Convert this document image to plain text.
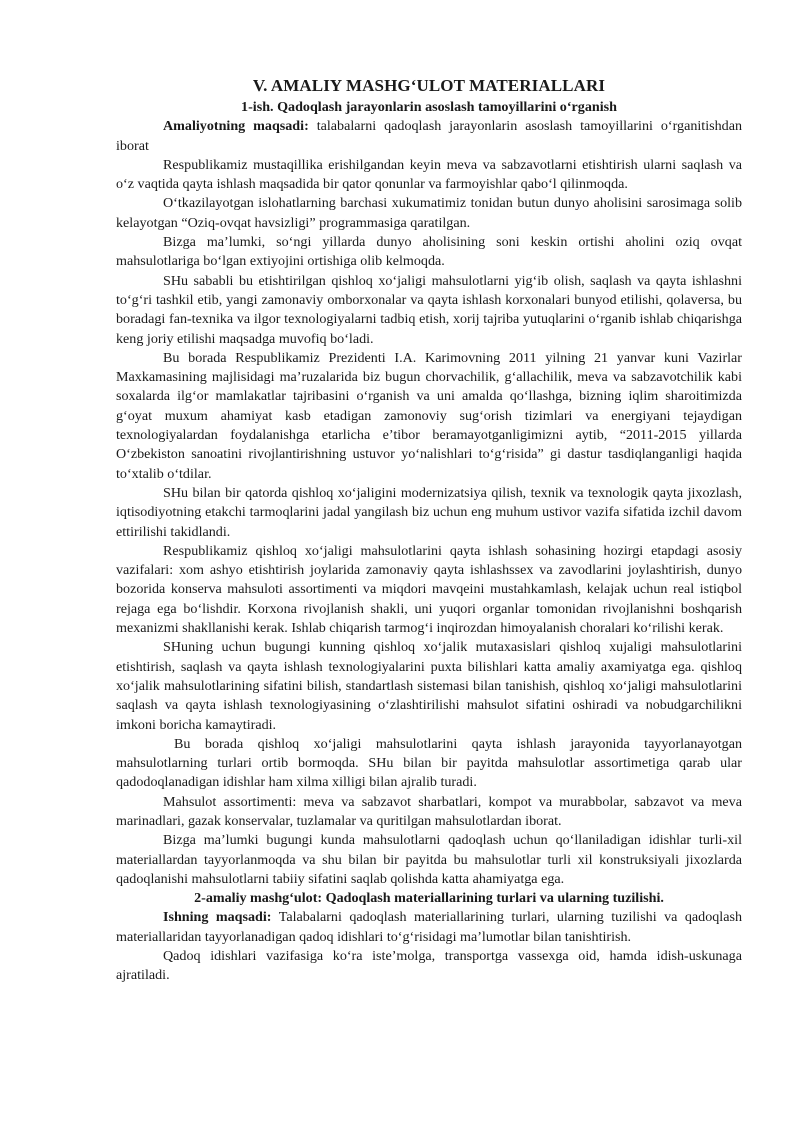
V. AMALIY MASHG‘ULOT MATERIALLARI
1-ish. Qadoqlash jarayonlarin asoslash tamoyillarini o‘rganish

Amaliyotning maqsadi: talabalarni qadoqlash jarayonlarin asoslash tamoyillarini o‘rganitishdan iborat

Respublikamiz mustaqillika erishilgandan keyin meva va sabzavotlarni etishtirish ularni saqlash va o‘z vaqtida qayta ishlash maqsadida bir qator qonunlar va farmoyishlar qabo‘l qilinmoqda.

O‘tkazilayotgan islohatlarning barchasi xukumatimiz tonidan butun dunyo aholisini sarosimaga solib kelayotgan “Oziq-ovqat havsizligi” programmasiga qaratilgan.

Bizga ma’lumki, so‘ngi yillarda dunyo aholisining soni keskin ortishi aholini oziq ovqat mahsulotlariga bo‘lgan extiyojini ortishiga olib kelmoqda.

SHu sababli bu etishtirilgan qishloq xo‘jaligi mahsulotlarni yig‘ib olish, saqlash va qayta ishlashni to‘g‘ri tashkil etib, yangi zamonaviy omborxonalar va qayta ishlash korxonalari bunyod etilishi, qolaversa, bu boradagi fan-texnika va ilgor texnologiyalarni tadbiq etish, xorij tajriba yutuqlarini o‘rganib ishlab chiqarishga keng joriy etilishi maqsadga muvofiq bo‘ladi.

Bu borada Respublikamiz Prezidenti I.A. Karimovning 2011 yilning 21 yanvar kuni Vazirlar Maxkamasining majlisidagi ma’ruzalarida biz bugun chorvachilik, g‘allachilik, meva va sabzavotchilik kabi soxalarda ilg‘or mamlakatlar tajribasini o‘rganish va uni amalda qo‘llashga, bizning iqlim sharoitimizda g‘oyat muxum ahamiyat kasb etadigan zamonoviy sug‘orish tizimlari va energiyani tejaydigan texnologiyalardan foydalanishga etarlicha e’tibor beramayotganligimizni aytib, “2011-2015 yillarda O‘zbekiston sanoatini rivojlantirishning ustuvor yo‘nalishlari to‘g‘risida” gi dastur tasdiqlanganligi haqida to‘xtalib o‘tdilar.

SHu bilan bir qatorda qishloq xo‘jaligini modernizatsiya qilish, texnik va texnologik qayta jixozlash, iqtisodiyotning etakchi tarmoqlarini jadal yangilash biz uchun eng muhum ustivor vazifa sifatida izchil davom ettirilishi takidlandi.

Respublikamiz qishloq xo‘jaligi mahsulotlarini qayta ishlash sohasining hozirgi etapdagi asosiy vazifalari: xom ashyo etishtirish joylarida zamonaviy qayta ishlashssex va zavodlarini joylashtirish, dunyo bozorida konserva mahsuloti assortimenti va miqdori mavqeini mustahkamlash, kelajak uchun real istiqbol rejaga ega bo‘lishdir. Korxona rivojlanish shakli, uni yuqori organlar tomonidan rivojlanishni boshqarish mexanizmi shakllanishi kerak. Ishlab chiqarish tarmog‘i inqirozdan himoyalanish choralari ko‘rilishi kerak.

SHuning uchun bugungi kunning qishloq xo‘jalik mutaxasislari qishloq xujaligi mahsulotlarini etishtirish, saqlash va qayta ishlash texnologiyalarini puxta bilishlari katta amaliy axamiyatga ega. qishloq xo‘jalik mahsulotlarining sifatini bilish, standartlash sistemasi bilan tanishish, qishloq xo‘jaligi mahsulotlarini saqlash va qayta ishlash texnologiyasining o‘zlashtirilishi mahsulot sifatini oshiradi va nobudgarchilikni imkoni boricha kamaytiradi.

Bu borada qishloq xo‘jaligi mahsulotlarini qayta ishlash jarayonida tayyorlanayotgan mahsulotlarning turlari ortib bormoqda. SHu bilan bir payitda mahsulotlar assortimetiga qarab ular qadodoqlanadigan idishlar ham xilma xilligi bilan ajralib turadi.

Mahsulot assortimenti: meva va sabzavot sharbatlari, kompot va murabbolar, sabzavot va meva marinadlari, gazak konservalar, tuzlamalar va quritilgan mahsulotlardan iborat.

Bizga ma’lumki bugungi kunda mahsulotlarni qadoqlash uchun qo‘llaniladigan idishlar turli-xil materiallardan tayyorlanmoqda va shu bilan bir payitda bu mahsulotlar turli xil konstruksiyali jixozlarda qadoqlanishi mahsulotlarni tabiiy sifatini saqlab qolishda katta ahamiyatga ega.

2-amaliy mashg‘ulot: Qadoqlash materiallarining turlari va ularning tuzilishi.

Ishning maqsadi: Talabalarni qadoqlash materiallarining turlari, ularning tuzilishi va qadoqlash materiallaridan tayyorlanadigan qadoq idishlari to‘g‘risidagi ma’lumotlar bilan tanishtirish.

Qadoq idishlari vazifasiga ko‘ra iste’molga, transportga vassexga oid, hamda idish-uskunaga ajratiladi.
